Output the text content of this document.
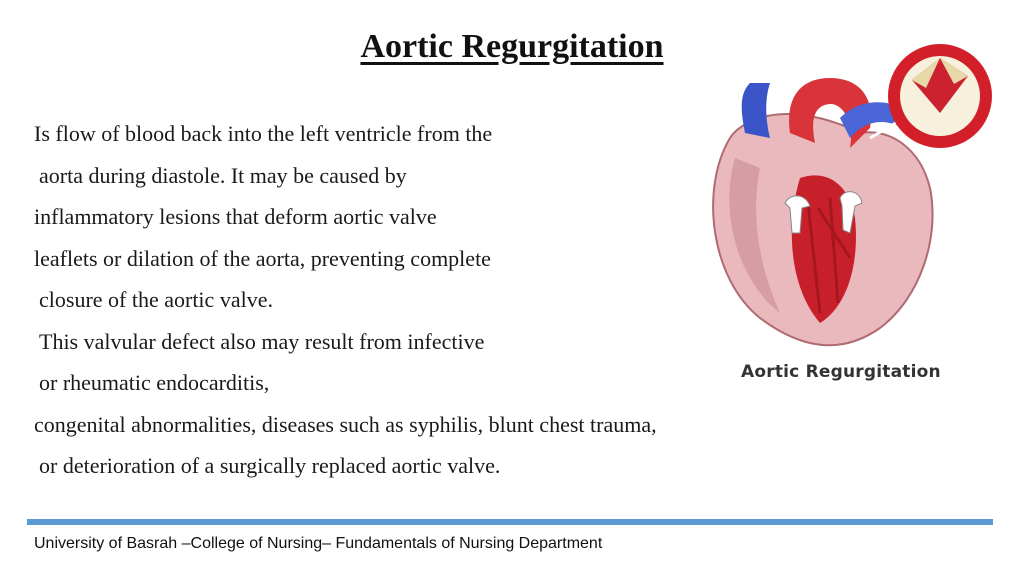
Aortic Regurgitation
Is flow of blood back into the left ventricle from the
aorta during diastole. It may be caused by
inflammatory lesions that deform aortic valve
leaflets or dilation of the aorta, preventing complete
closure of the aortic valve.
This valvular defect also may result from infective
or rheumatic endocarditis,
congenital abnormalities, diseases such as syphilis, blunt chest trauma,
or deterioration of a surgically replaced aortic valve.
Aortic Regurgitation
University of Basrah –College of Nursing– Fundamentals of Nursing Department
